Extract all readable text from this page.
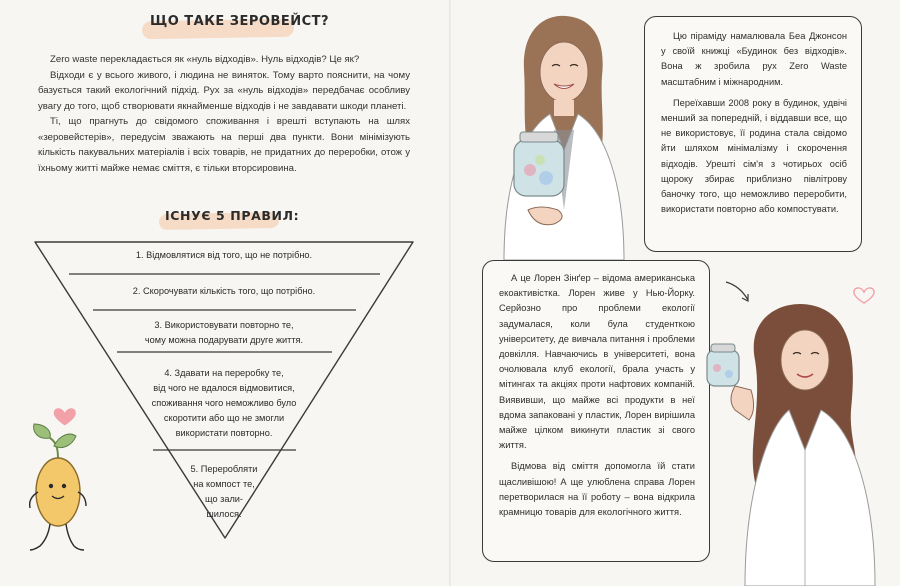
ЩО ТАКЕ ЗЕРОВЕЙСТ?

Zero waste перекладається як «нуль відходів». Нуль відходів? Це як?

Відходи є у всього живого, і людина не виняток. Тому варто пояснити, на чому базується такий екологічний підхід. Рух за «нуль відходів» передбачає особливу увагу до того, щоб створювати якнайменше відходів і не завдавати шкоди планеті.

Ті, що прагнуть до свідомого споживання і врешті вступають на шлях «зеровейстерів», передусім зважають на перші два пункти. Вони мінімізують кількість пакувальних матеріалів і всіх товарів, не придатних до переробки, отож у їхньому житті майже немає сміття, є тільки вторсировина.

ІСНУЄ 5 ПРАВИЛ:
1. Відмовлятися від того, що не потрібно.
2. Скорочувати кількість того, що потрібно.
3. Використовувати повторно те,
чому можна подарувати друге життя.
4. Здавати на переробку те,
від чого не вдалося відмовитися,
споживання чого неможливо було
скоротити або що не змогли
використати повторно.
5. Переробляти
на компост те,
що зали-
шилося.

Цю піраміду намалювала Беа Джонсон у своїй книжці «Будинок без відходів». Вона ж зробила рух Zero Waste масштабним і міжнародним.

Переїхавши 2008 року в будинок, удвічі менший за попередній, і віддавши все, що не використовує, її родина стала свідомо йти шляхом мінімалізму і скорочення відходів. Урешті сім'я з чотирьох осіб щороку збирає приблизно півлітрову баночку того, що неможливо переробити, використати повторно або компостувати.

А це Лорен Зінґер – відома американська екоактивістка. Лорен живе у Нью-Йорку. Серйозно про проблеми екології задумалася, коли була студенткою університету, де вивчала питання і проблеми довкілля. Навчаючись в університеті, вона очолювала клуб екології, брала участь у мітингах та акціях проти нафтових компаній. Виявивши, що майже всі продукти в неї вдома запаковані у пластик, Лорен вирішила майже цілком викинути пластик зі свого життя.

Відмова від сміття допомогла їй стати щасливішою! А ще улюблена справа Лорен перетворилася на її роботу – вона відкрила крамницю товарів для екологічного життя.
